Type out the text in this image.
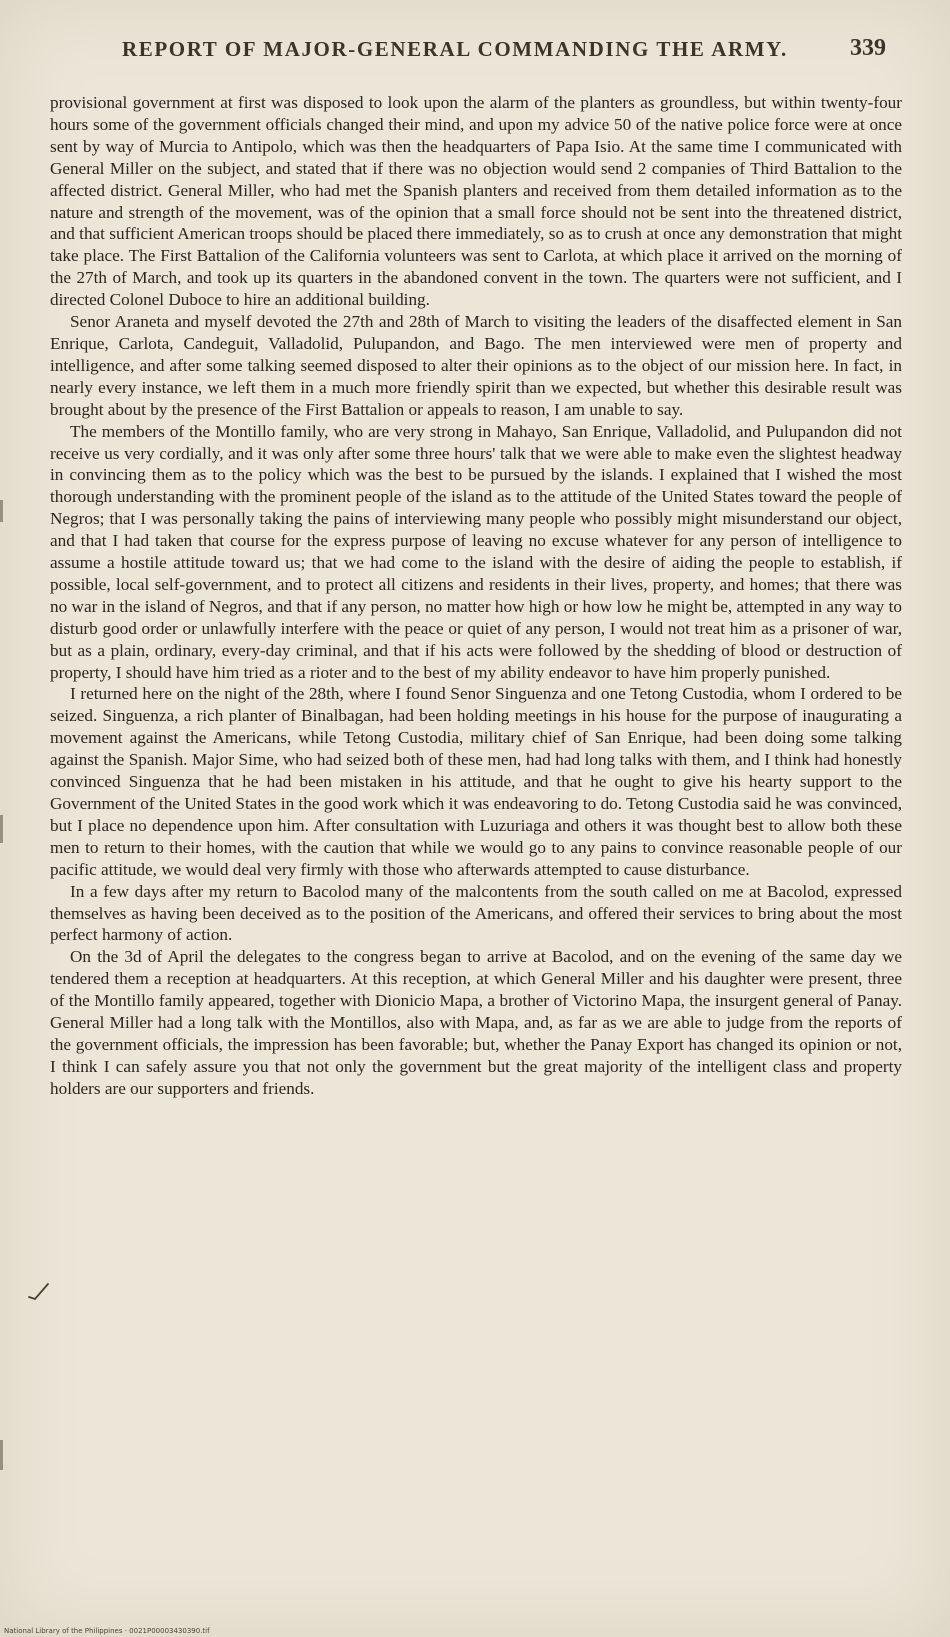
REPORT OF MAJOR-GENERAL COMMANDING THE ARMY.	339

provisional government at first was disposed to look upon the alarm of the planters as groundless, but within twenty-four hours some of the government officials changed their mind, and upon my advice 50 of the native police force were at once sent by way of Murcia to Antipolo, which was then the headquarters of Papa Isio. At the same time I communicated with General Miller on the subject, and stated that if there was no objection would send 2 companies of Third Battalion to the affected district. General Miller, who had met the Spanish planters and received from them detailed information as to the nature and strength of the movement, was of the opinion that a small force should not be sent into the threatened district, and that sufficient American troops should be placed there immediately, so as to crush at once any demonstration that might take place. The First Battalion of the California volunteers was sent to Carlota, at which place it arrived on the morning of the 27th of March, and took up its quarters in the abandoned convent in the town. The quarters were not sufficient, and I directed Colonel Duboce to hire an additional building.

Senor Araneta and myself devoted the 27th and 28th of March to visiting the leaders of the disaffected element in San Enrique, Carlota, Candeguit, Valladolid, Pulupandon, and Bago. The men interviewed were men of property and intelligence, and after some talking seemed disposed to alter their opinions as to the object of our mission here. In fact, in nearly every instance, we left them in a much more friendly spirit than we expected, but whether this desirable result was brought about by the presence of the First Battalion or appeals to reason, I am unable to say.

The members of the Montillo family, who are very strong in Mahayo, San Enrique, Valladolid, and Pulupandon did not receive us very cordially, and it was only after some three hours' talk that we were able to make even the slightest headway in convincing them as to the policy which was the best to be pursued by the islands. I explained that I wished the most thorough understanding with the prominent people of the island as to the attitude of the United States toward the people of Negros; that I was personally taking the pains of interviewing many people who possibly might misunderstand our object, and that I had taken that course for the express purpose of leaving no excuse whatever for any person of intelligence to assume a hostile attitude toward us; that we had come to the island with the desire of aiding the people to establish, if possible, local self-government, and to protect all citizens and residents in their lives, property, and homes; that there was no war in the island of Negros, and that if any person, no matter how high or how low he might be, attempted in any way to disturb good order or unlawfully interfere with the peace or quiet of any person, I would not treat him as a prisoner of war, but as a plain, ordinary, every-day criminal, and that if his acts were followed by the shedding of blood or destruction of property, I should have him tried as a rioter and to the best of my ability endeavor to have him properly punished.

I returned here on the night of the 28th, where I found Senor Singuenza and one Tetong Custodia, whom I ordered to be seized. Singuenza, a rich planter of Binalbagan, had been holding meetings in his house for the purpose of inaugurating a movement against the Americans, while Tetong Custodia, military chief of San Enrique, had been doing some talking against the Spanish. Major Sime, who had seized both of these men, had had long talks with them, and I think had honestly convinced Singuenza that he had been mistaken in his attitude, and that he ought to give his hearty support to the Government of the United States in the good work which it was endeavoring to do. Tetong Custodia said he was convinced, but I place no dependence upon him. After consultation with Luzuriaga and others it was thought best to allow both these men to return to their homes, with the caution that while we would go to any pains to convince reasonable people of our pacific attitude, we would deal very firmly with those who afterwards attempted to cause disturbance.

In a few days after my return to Bacolod many of the malcontents from the south called on me at Bacolod, expressed themselves as having been deceived as to the position of the Americans, and offered their services to bring about the most perfect harmony of action.

On the 3d of April the delegates to the congress began to arrive at Bacolod, and on the evening of the same day we tendered them a reception at headquarters. At this reception, at which General Miller and his daughter were present, three of the Montillo family appeared, together with Dionicio Mapa, a brother of Victorino Mapa, the insurgent general of Panay. General Miller had a long talk with the Montillos, also with Mapa, and, as far as we are able to judge from the reports of the government officials, the impression has been favorable; but, whether the Panay Export has changed its opinion or not, I think I can safely assure you that not only the government but the great majority of the intelligent class and property holders are our supporters and friends.

National Library of the Philippines · 0021P00003430390.tif
